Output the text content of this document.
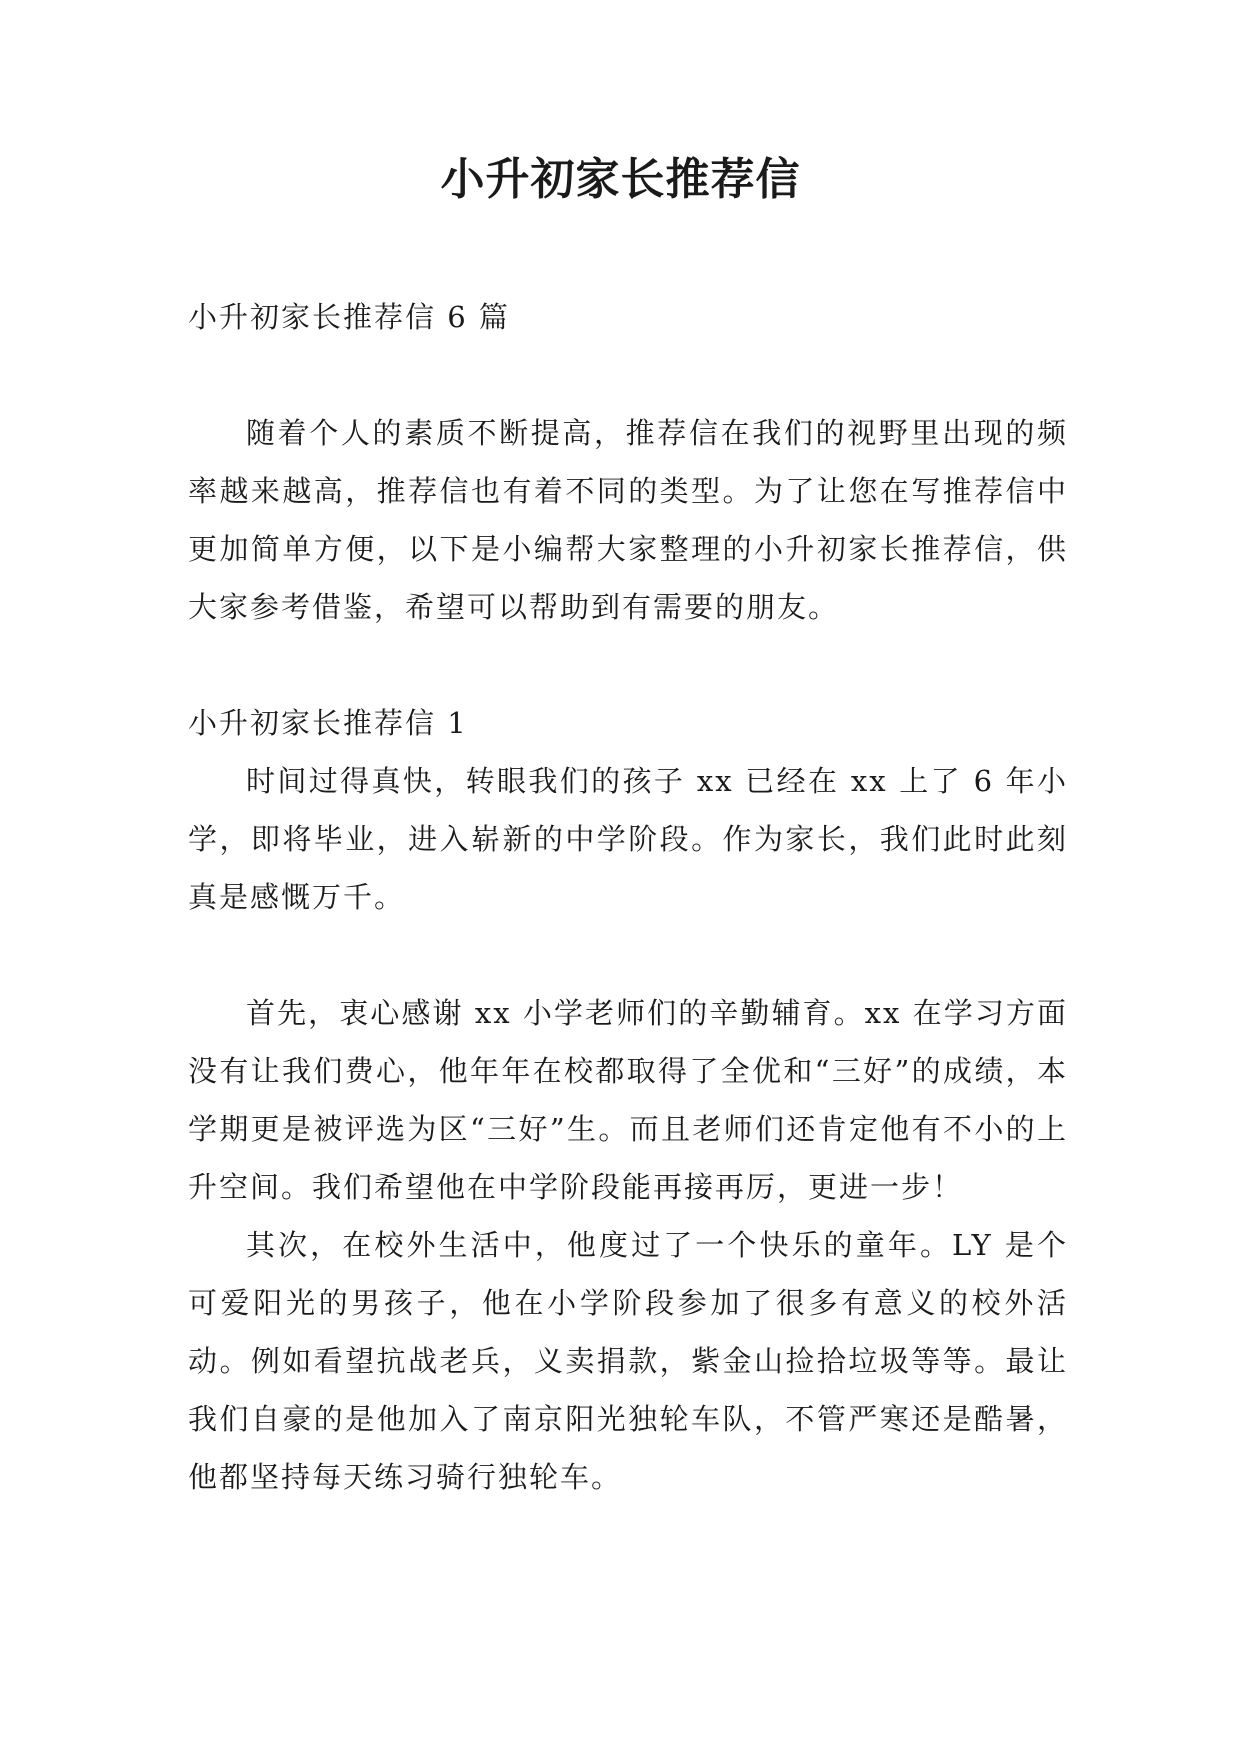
小升初家长推荐信

小升初家长推荐信 6 篇

随着个人的素质不断提高，推荐信在我们的视野里出现的频率越来越高，推荐信也有着不同的类型。为了让您在写推荐信中更加简单方便，以下是小编帮大家整理的小升初家长推荐信，供大家参考借鉴，希望可以帮助到有需要的朋友。

小升初家长推荐信 1

时间过得真快，转眼我们的孩子 xx 已经在 xx 上了 6 年小学，即将毕业，进入崭新的中学阶段。作为家长，我们此时此刻真是感慨万千。

首先，衷心感谢 xx 小学老师们的辛勤辅育。xx 在学习方面没有让我们费心，他年年在校都取得了全优和“三好”的成绩，本学期更是被评选为区“三好”生。而且老师们还肯定他有不小的上升空间。我们希望他在中学阶段能再接再厉，更进一步！

其次，在校外生活中，他度过了一个快乐的童年。LY 是个可爱阳光的男孩子，他在小学阶段参加了很多有意义的校外活动。例如看望抗战老兵，义卖捐款，紫金山捡拾垃圾等等。最让我们自豪的是他加入了南京阳光独轮车队，不管严寒还是酷暑，他都坚持每天练习骑行独轮车。
